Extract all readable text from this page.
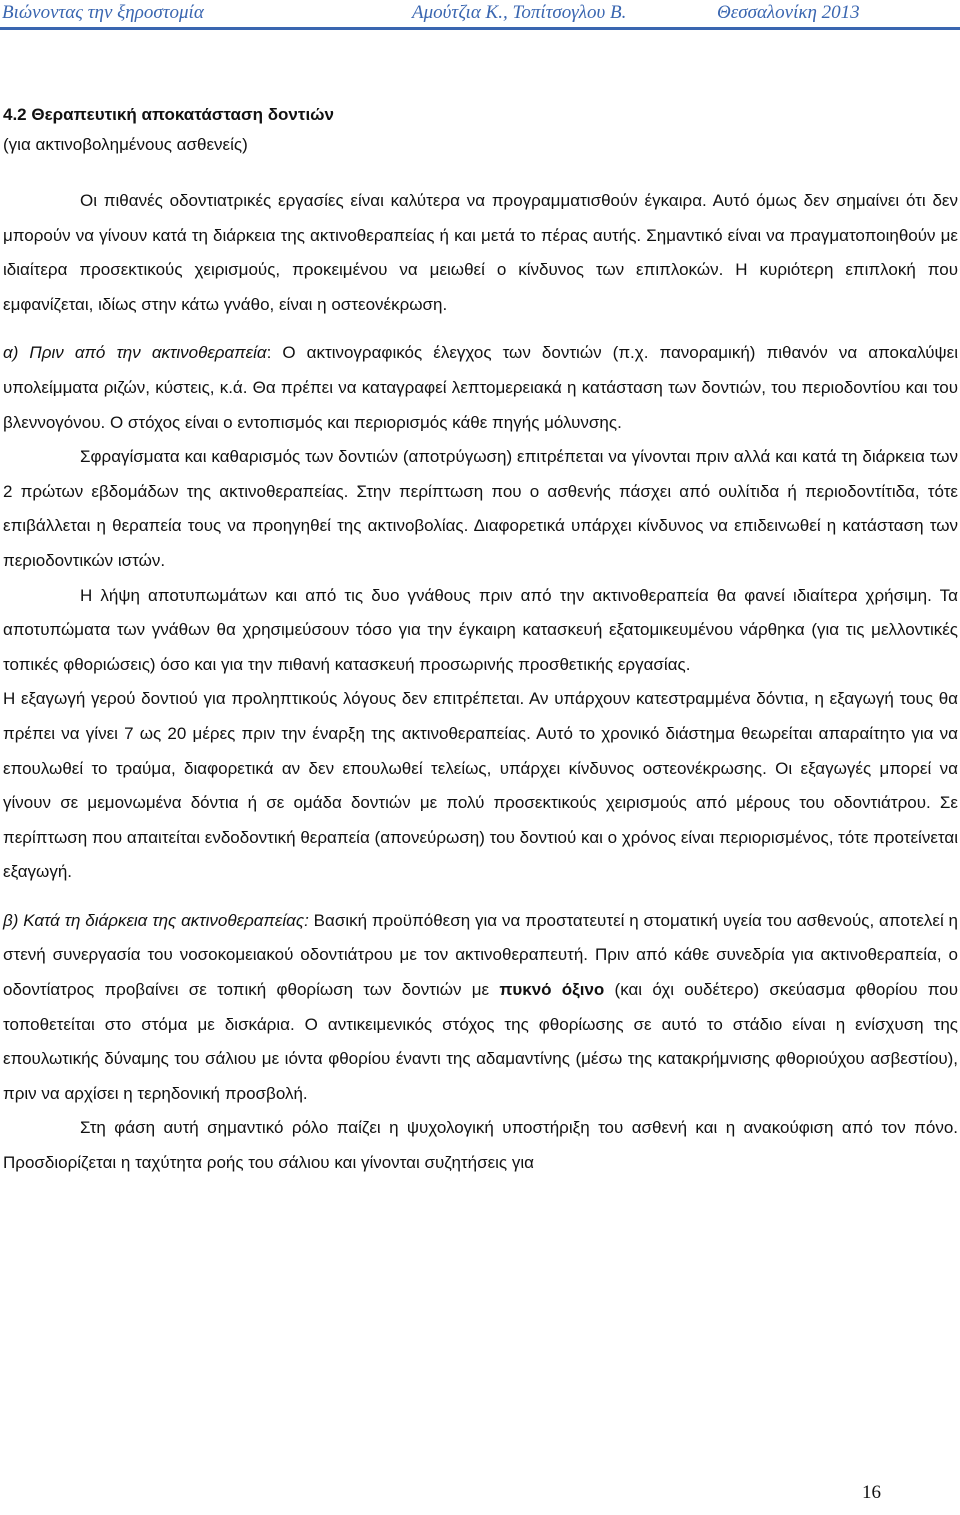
Βιώνοντας την ξηροστομία	Αμούτζια Κ., Τοπίτσογλου Β.	Θεσσαλονίκη 2013

4.2 Θεραπευτική αποκατάσταση δοντιών

(για ακτινοβολημένους ασθενείς)

Οι πιθανές οδοντιατρικές εργασίες είναι καλύτερα να προγραμματισθούν έγκαιρα. Αυτό όμως δεν σημαίνει ότι δεν μπορούν να γίνουν κατά τη διάρκεια της ακτινοθεραπείας ή και μετά το πέρας αυτής. Σημαντικό είναι να πραγματοποιηθούν με ιδιαίτερα προσεκτικούς χειρισμούς, προκειμένου να μειωθεί ο κίνδυνος των επιπλοκών. Η κυριότερη επιπλοκή που εμφανίζεται, ιδίως στην κάτω γνάθο, είναι η οστεονέκρωση.

α) Πριν από την ακτινοθεραπεία: Ο ακτινογραφικός έλεγχος των δοντιών (π.χ. πανοραμική) πιθανόν να αποκαλύψει υπολείμματα ριζών, κύστεις, κ.ά. Θα πρέπει να καταγραφεί λεπτομερειακά η κατάσταση των δοντιών, του περιοδοντίου και του βλεννογόνου. Ο στόχος είναι ο εντοπισμός και περιορισμός κάθε πηγής μόλυνσης.

Σφραγίσματα και καθαρισμός των δοντιών (αποτρύγωση) επιτρέπεται να γίνονται πριν αλλά και κατά τη διάρκεια των 2 πρώτων εβδομάδων της ακτινοθεραπείας. Στην περίπτωση που ο ασθενής πάσχει από ουλίτιδα ή περιοδοντίτιδα, τότε επιβάλλεται η θεραπεία τους να προηγηθεί της ακτινοβολίας. Διαφορετικά υπάρχει κίνδυνος να επιδεινωθεί η κατάσταση των περιοδοντικών ιστών.

Η λήψη αποτυπωμάτων και από τις δυο γνάθους πριν από την ακτινοθεραπεία θα φανεί ιδιαίτερα χρήσιμη. Τα αποτυπώματα των γνάθων θα χρησιμεύσουν τόσο για την έγκαιρη κατασκευή εξατομικευμένου νάρθηκα (για τις μελλοντικές τοπικές φθοριώσεις) όσο και για την πιθανή κατασκευή προσωρινής προσθετικής εργασίας.

Η εξαγωγή γερού δοντιού για προληπτικούς λόγους δεν επιτρέπεται. Αν υπάρχουν κατεστραμμένα δόντια, η εξαγωγή τους θα πρέπει να γίνει 7 ως 20 μέρες πριν την έναρξη της ακτινοθεραπείας. Αυτό το χρονικό διάστημα θεωρείται απαραίτητο για να επουλωθεί το τραύμα, διαφορετικά αν δεν επουλωθεί τελείως, υπάρχει κίνδυνος οστεονέκρωσης. Οι εξαγωγές μπορεί να γίνουν σε μεμονωμένα δόντια ή σε ομάδα δοντιών με πολύ προσεκτικούς χειρισμούς από μέρους του οδοντιάτρου. Σε περίπτωση που απαιτείται ενδοδοντική θεραπεία (απονεύρωση) του δοντιού και ο χρόνος είναι περιορισμένος, τότε προτείνεται εξαγωγή.

β) Κατά τη διάρκεια της ακτινοθεραπείας: Βασική προϋπόθεση για να προστατευτεί η στοματική υγεία του ασθενούς, αποτελεί η στενή συνεργασία του νοσοκομειακού οδοντιάτρου με τον ακτινοθεραπευτή. Πριν από κάθε συνεδρία για ακτινοθεραπεία, ο οδοντίατρος προβαίνει σε τοπική φθορίωση των δοντιών με πυκνό όξινο (και όχι ουδέτερο) σκεύασμα φθορίου που τοποθετείται στο στόμα με δισκάρια. Ο αντικειμενικός στόχος της φθορίωσης σε αυτό το στάδιο είναι η ενίσχυση της επουλωτικής δύναμης του σάλιου με ιόντα φθορίου έναντι της αδαμαντίνης (μέσω της κατακρήμνισης φθοριούχου ασβεστίου), πριν να αρχίσει η τερηδονική προσβολή.

Στη φάση αυτή σημαντικό ρόλο παίζει η ψυχολογική υποστήριξη του ασθενή και η ανακούφιση από τον πόνο. Προσδιορίζεται η ταχύτητα ροής του σάλιου και γίνονται συζητήσεις για

16
